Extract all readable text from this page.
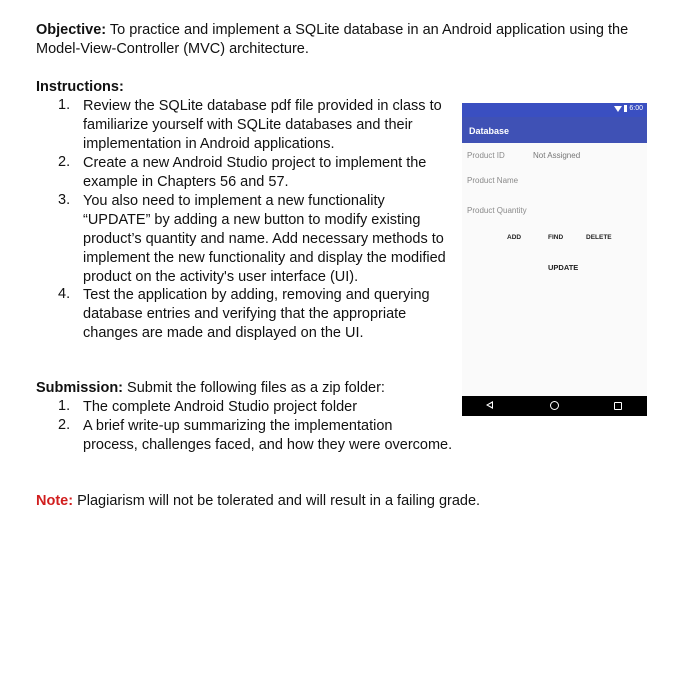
Objective: To practice and implement a SQLite database in an Android application using the Model-View-Controller (MVC) architecture.
Instructions:
1. Review the SQLite database pdf file provided in class to
familiarize yourself with SQLite databases and their
implementation in Android applications.
2. Create a new Android Studio project to implement the
example in Chapters 56 and 57.
3. You also need to implement a new functionality
“UPDATE” by adding a new button to modify existing
product’s quantity and name. Add necessary methods to
implement the new functionality and display the modified
product on the activity's user interface (UI).
4. Test the application by adding, removing and querying
database entries and verifying that the appropriate
changes are made and displayed on the UI.
Submission: Submit the following files as a zip folder:
1. The complete Android Studio project folder
2. A brief write-up summarizing the implementation
process, challenges faced, and how they were overcome.
Note: Plagiarism will not be tolerated and will result in a failing grade.
6:00
Database
Product ID	Not Assigned
Product Name
Product Quantity
ADD	FIND	DELETE
UPDATE
